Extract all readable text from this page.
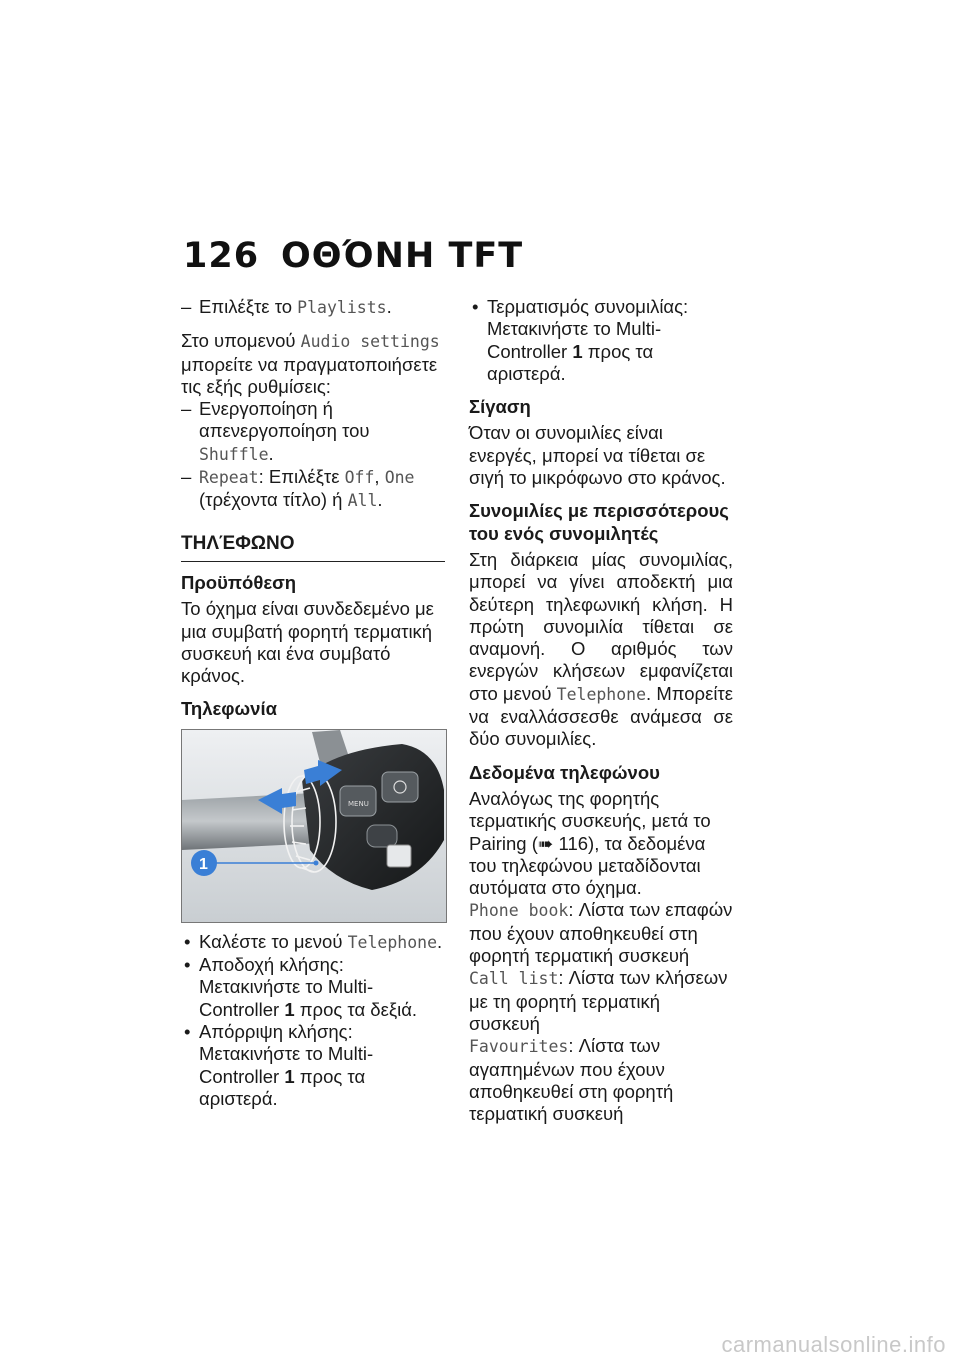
126 ΟΘΌΝΗ TFT

– Επιλέξτε το Playlists.

Στο υπομενού Audio settings μπορείτε να πραγματοποιήσετε τις εξής ρυθμίσεις:

– Ενεργοποίηση ή απενεργοποίηση του Shuffle.

– Repeat: Επιλέξτε Off, One (τρέχοντα τίτλο) ή All.

ΤΗΛΈΦΩΝΟ
Προϋπόθεση

Το όχημα είναι συνδεδεμένο με μια συμβατή φορητή τερματική συσκευή και ένα συμβατό κράνος.

Τηλεφωνία
MENU
1

• Καλέστε το μενού Telephone.

• Αποδοχή κλήσης: Μετακινήστε το Multi-Controller 1 προς τα δεξιά.

• Απόρριψη κλήσης: Μετακινήστε το Multi-Controller 1 προς τα αριστερά.

• Τερματισμός συνομιλίας: Μετακινήστε το Multi-Controller 1 προς τα αριστερά.

Σίγαση

Όταν οι συνομιλίες είναι ενεργές, μπορεί να τίθεται σε σιγή το μικρόφωνο στο κράνος.

Συνομιλίες με περισσότερους του ενός συνομιλητές

Στη διάρκεια μίας συνομιλίας, μπορεί να γίνει αποδεκτή μια δεύτερη τηλεφωνική κλήση. Η πρώτη συνομιλία τίθεται σε αναμονή. Ο αριθμός των ενεργών κλήσεων εμφανίζεται στο μενού Telephone. Μπορείτε να εναλλάσσεσθε ανάμεσα σε δύο συνομιλίες.

Δεδομένα τηλεφώνου

Αναλόγως της φορητής τερματικής συσκευής, μετά το Pairing (➠ 116), τα δεδομένα του τηλεφώνου μεταδίδονται αυτόματα στο όχημα.

Phone book: Λίστα των επαφών που έχουν αποθηκευθεί στη φορητή τερματική συσκευή

Call list: Λίστα των κλήσεων με τη φορητή τερματική συσκευή

Favourites: Λίστα των αγαπημένων που έχουν αποθηκευθεί στη φορητή τερματική συσκευή

carmanualsonline.info
